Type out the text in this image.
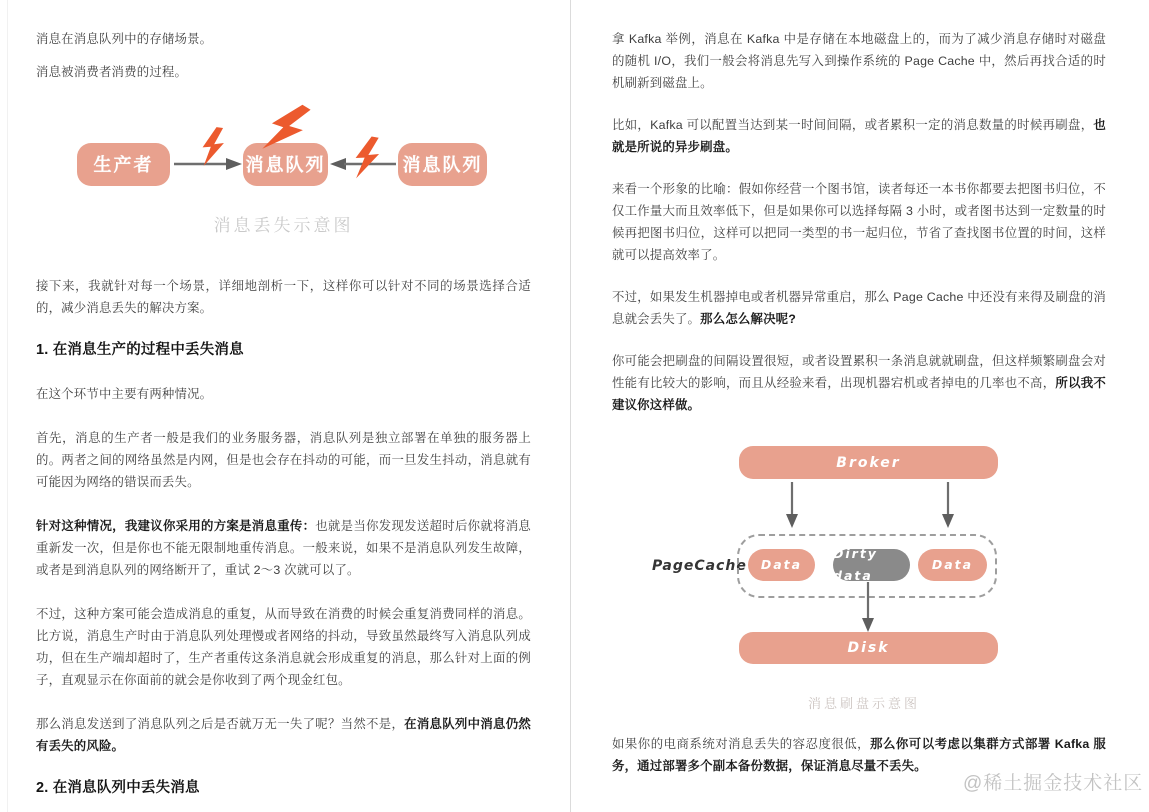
消息在消息队列中的存储场景。

消息被消费者消费的过程。

生产者	消息队列	消息队列
消息丢失示意图

接下来，我就针对每一个场景，详细地剖析一下，这样你可以针对不同的场景选择合适的，减少消息丢失的解决方案。

1. 在消息生产的过程中丢失消息

在这个环节中主要有两种情况。

首先，消息的生产者一般是我们的业务服务器，消息队列是独立部署在单独的服务器上的。两者之间的网络虽然是内网，但是也会存在抖动的可能，而一旦发生抖动，消息就有可能因为网络的错误而丢失。

针对这种情况，我建议你采用的方案是消息重传：也就是当你发现发送超时后你就将消息重新发一次，但是你也不能无限制地重传消息。一般来说，如果不是消息队列发生故障，或者是到消息队列的网络断开了，重试 2～3 次就可以了。

不过，这种方案可能会造成消息的重复，从而导致在消费的时候会重复消费同样的消息。比方说，消息生产时由于消息队列处理慢或者网络的抖动，导致虽然最终写入消息队列成功，但在生产端却超时了，生产者重传这条消息就会形成重复的消息，那么针对上面的例子，直观显示在你面前的就会是你收到了两个现金红包。

那么消息发送到了消息队列之后是否就万无一失了呢？当然不是，在消息队列中消息仍然有丢失的风险。

2. 在消息队列中丢失消息

拿 Kafka 举例，消息在 Kafka 中是存储在本地磁盘上的，而为了减少消息存储时对磁盘的随机 I/O，我们一般会将消息先写入到操作系统的 Page Cache 中，然后再找合适的时机刷新到磁盘上。

比如，Kafka 可以配置当达到某一时间间隔，或者累积一定的消息数量的时候再刷盘，也就是所说的异步刷盘。

来看一个形象的比喻：假如你经营一个图书馆，读者每还一本书你都要去把图书归位，不仅工作量大而且效率低下，但是如果你可以选择每隔 3 小时，或者图书达到一定数量的时候再把图书归位，这样可以把同一类型的书一起归位，节省了查找图书位置的时间，这样就可以提高效率了。

不过，如果发生机器掉电或者机器异常重启，那么 Page Cache 中还没有来得及刷盘的消息就会丢失了。那么怎么解决呢?

你可能会把刷盘的间隔设置很短，或者设置累积一条消息就就刷盘，但这样频繁刷盘会对性能有比较大的影响，而且从经验来看，出现机器宕机或者掉电的几率也不高，所以我不建议你这样做。

Broker
PageCache	Data
Dirty data
Data
Disk
消息刷盘示意图

如果你的电商系统对消息丢失的容忍度很低，那么你可以考虑以集群方式部署 Kafka 服务，通过部署多个副本备份数据，保证消息尽量不丢失。

@稀土掘金技术社区
